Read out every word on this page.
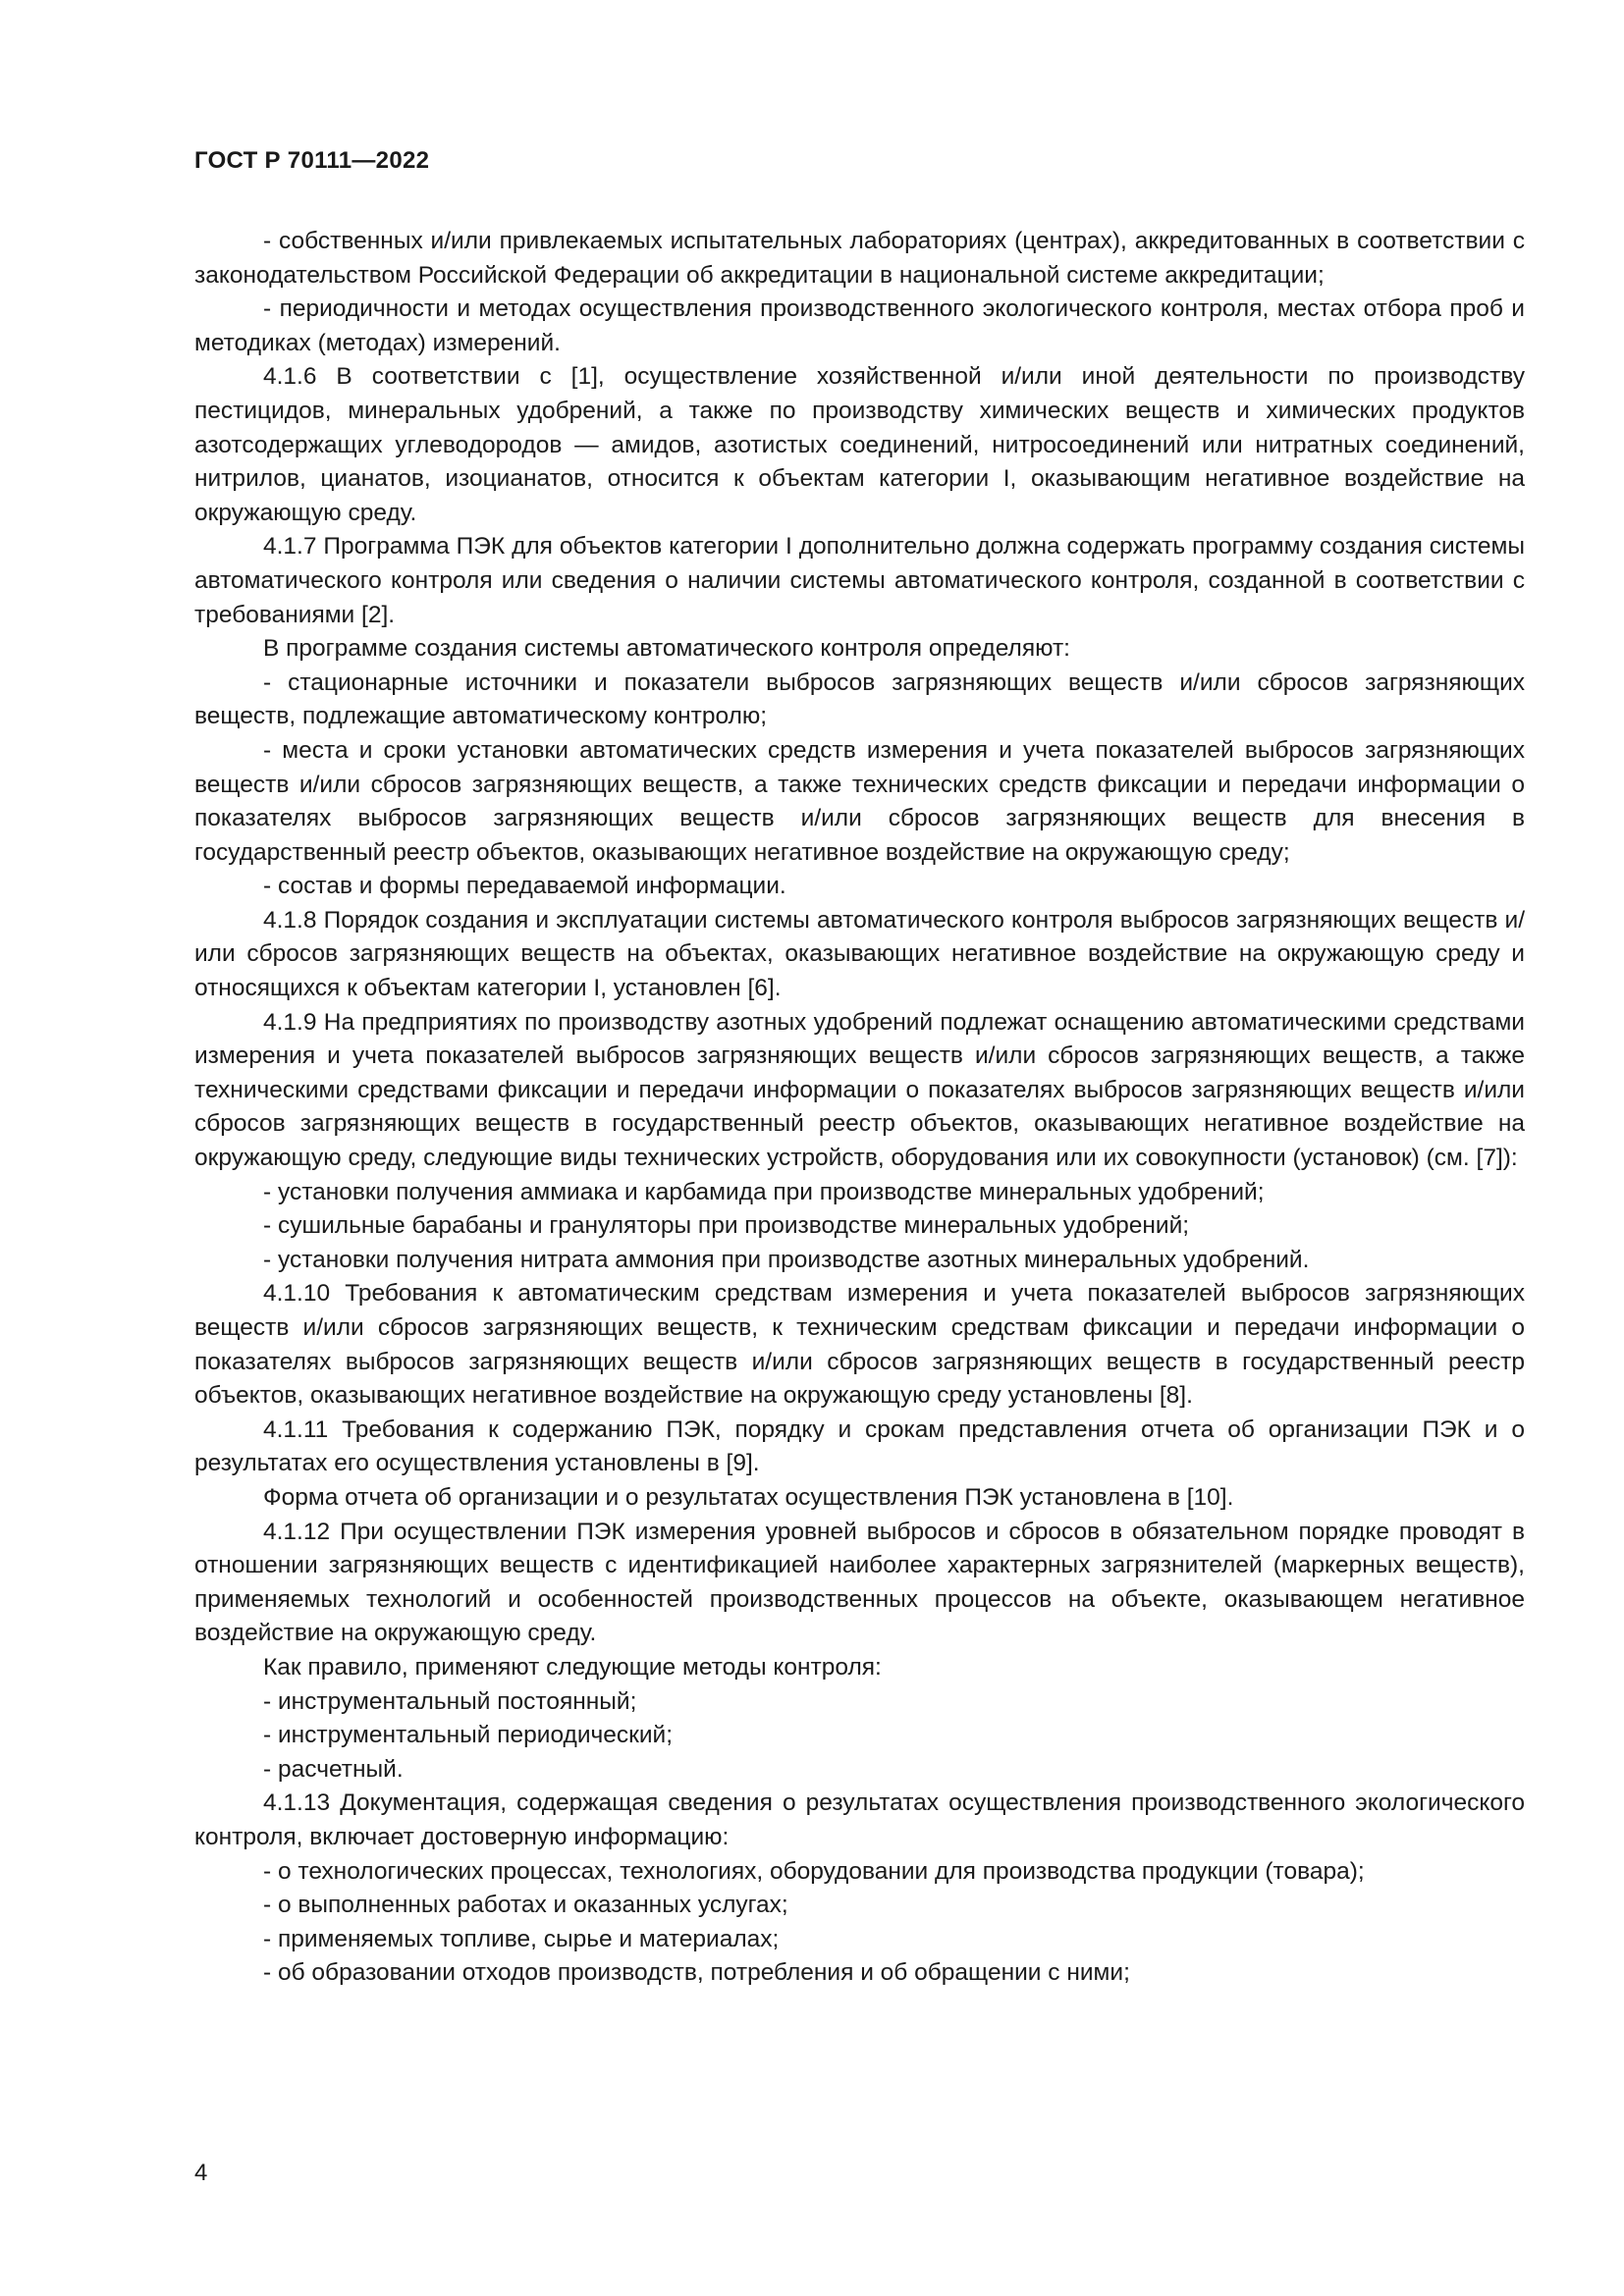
ГОСТ Р 70111—2022

- собственных и/или привлекаемых испытательных лабораториях (центрах), аккредитованных в соответствии с законодательством Российской Федерации об аккредитации в национальной системе аккредитации;

- периодичности и методах осуществления производственного экологического контроля, местах отбора проб и методиках (методах) измерений.

4.1.6 В соответствии с [1], осуществление хозяйственной и/или иной деятельности по производству пестицидов, минеральных удобрений, а также по производству химических веществ и химических продуктов азотсодержащих углеводородов — амидов, азотистых соединений, нитросоединений или нитратных соединений, нитрилов, цианатов, изоцианатов, относится к объектам категории I, оказывающим негативное воздействие на окружающую среду.

4.1.7 Программа ПЭК для объектов категории I дополнительно должна содержать программу создания системы автоматического контроля или сведения о наличии системы автоматического контроля, созданной в соответствии с требованиями [2].

В программе создания системы автоматического контроля определяют:

- стационарные источники и показатели выбросов загрязняющих веществ и/или сбросов загрязняющих веществ, подлежащие автоматическому контролю;

- места и сроки установки автоматических средств измерения и учета показателей выбросов загрязняющих веществ и/или сбросов загрязняющих веществ, а также технических средств фиксации и передачи информации о показателях выбросов загрязняющих веществ и/или сбросов загрязняющих веществ для внесения в государственный реестр объектов, оказывающих негативное воздействие на окружающую среду;

- состав и формы передаваемой информации.

4.1.8 Порядок создания и эксплуатации системы автоматического контроля выбросов загрязняющих веществ и/или сбросов загрязняющих веществ на объектах, оказывающих негативное воздействие на окружающую среду и относящихся к объектам категории I, установлен [6].

4.1.9 На предприятиях по производству азотных удобрений подлежат оснащению автоматическими средствами измерения и учета показателей выбросов загрязняющих веществ и/или сбросов загрязняющих веществ, а также техническими средствами фиксации и передачи информации о показателях выбросов загрязняющих веществ и/или сбросов загрязняющих веществ в государственный реестр объектов, оказывающих негативное воздействие на окружающую среду, следующие виды технических устройств, оборудования или их совокупности (установок) (см. [7]):

- установки получения аммиака и карбамида при производстве минеральных удобрений;

- сушильные барабаны и грануляторы при производстве минеральных удобрений;

- установки получения нитрата аммония при производстве азотных минеральных удобрений.

4.1.10 Требования к автоматическим средствам измерения и учета показателей выбросов загрязняющих веществ и/или сбросов загрязняющих веществ, к техническим средствам фиксации и передачи информации о показателях выбросов загрязняющих веществ и/или сбросов загрязняющих веществ в государственный реестр объектов, оказывающих негативное воздействие на окружающую среду установлены [8].

4.1.11 Требования к содержанию ПЭК, порядку и срокам представления отчета об организации ПЭК и о результатах его осуществления установлены в [9].

Форма отчета об организации и о результатах осуществления ПЭК установлена в [10].

4.1.12 При осуществлении ПЭК измерения уровней выбросов и сбросов в обязательном порядке проводят в отношении загрязняющих веществ с идентификацией наиболее характерных загрязнителей (маркерных веществ), применяемых технологий и особенностей производственных процессов на объекте, оказывающем негативное воздействие на окружающую среду.

Как правило, применяют следующие методы контроля:

- инструментальный постоянный;

- инструментальный периодический;

- расчетный.

4.1.13 Документация, содержащая сведения о результатах осуществления производственного экологического контроля, включает достоверную информацию:

- о технологических процессах, технологиях, оборудовании для производства продукции (товара);

- о выполненных работах и оказанных услугах;

- применяемых топливе, сырье и материалах;

- об образовании отходов производств, потребления и об обращении с ними;

4
